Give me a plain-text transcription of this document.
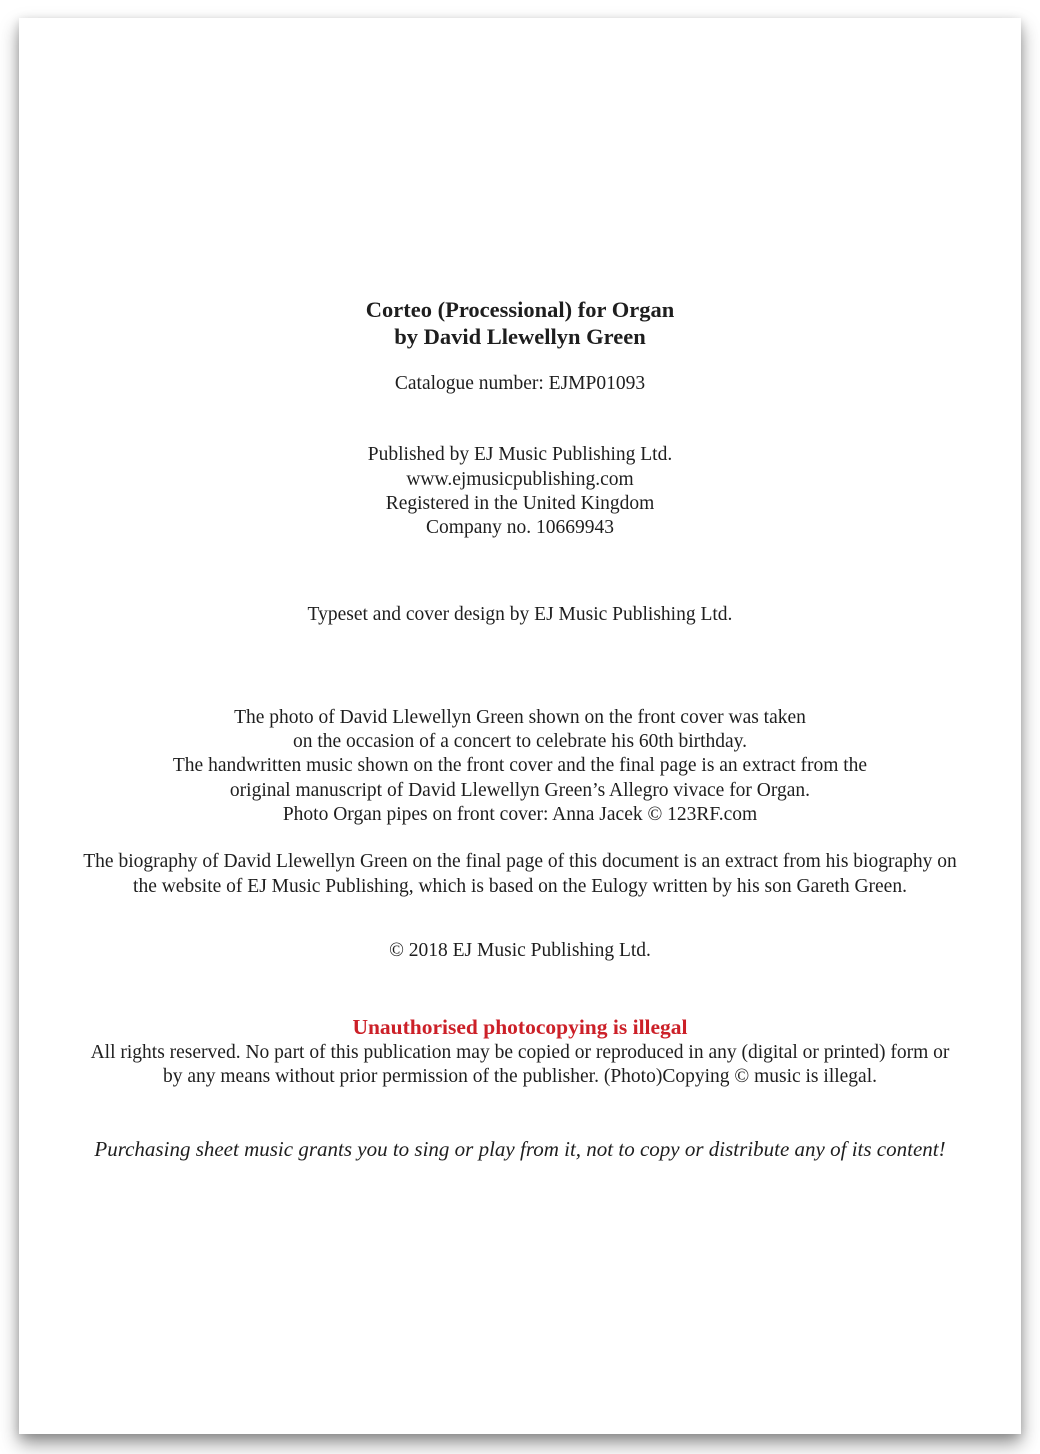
Corteo (Processional) for Organ
by David Llewellyn Green
Catalogue number: EJMP01093
Published by EJ Music Publishing Ltd.
www.ejmusicpublishing.com
Registered in the United Kingdom
Company no. 10669943
Typeset and cover design by EJ Music Publishing Ltd.
The photo of David Llewellyn Green shown on the front cover was taken
on the occasion of a concert to celebrate his 60th birthday.
The handwritten music shown on the front cover and the final page is an extract from the
original manuscript of David Llewellyn Green’s Allegro vivace for Organ.
Photo Organ pipes on front cover: Anna Jacek © 123RF.com
The biography of David Llewellyn Green on the final page of this document is an extract from his biography on
the website of EJ Music Publishing, which is based on the Eulogy written by his son Gareth Green.
© 2018 EJ Music Publishing Ltd.
Unauthorised photocopying is illegal
All rights reserved. No part of this publication may be copied or reproduced in any (digital or printed) form or
by any means without prior permission of the publisher. (Photo)Copying © music is illegal.
Purchasing sheet music grants you to sing or play from it, not to copy or distribute any of its content!
